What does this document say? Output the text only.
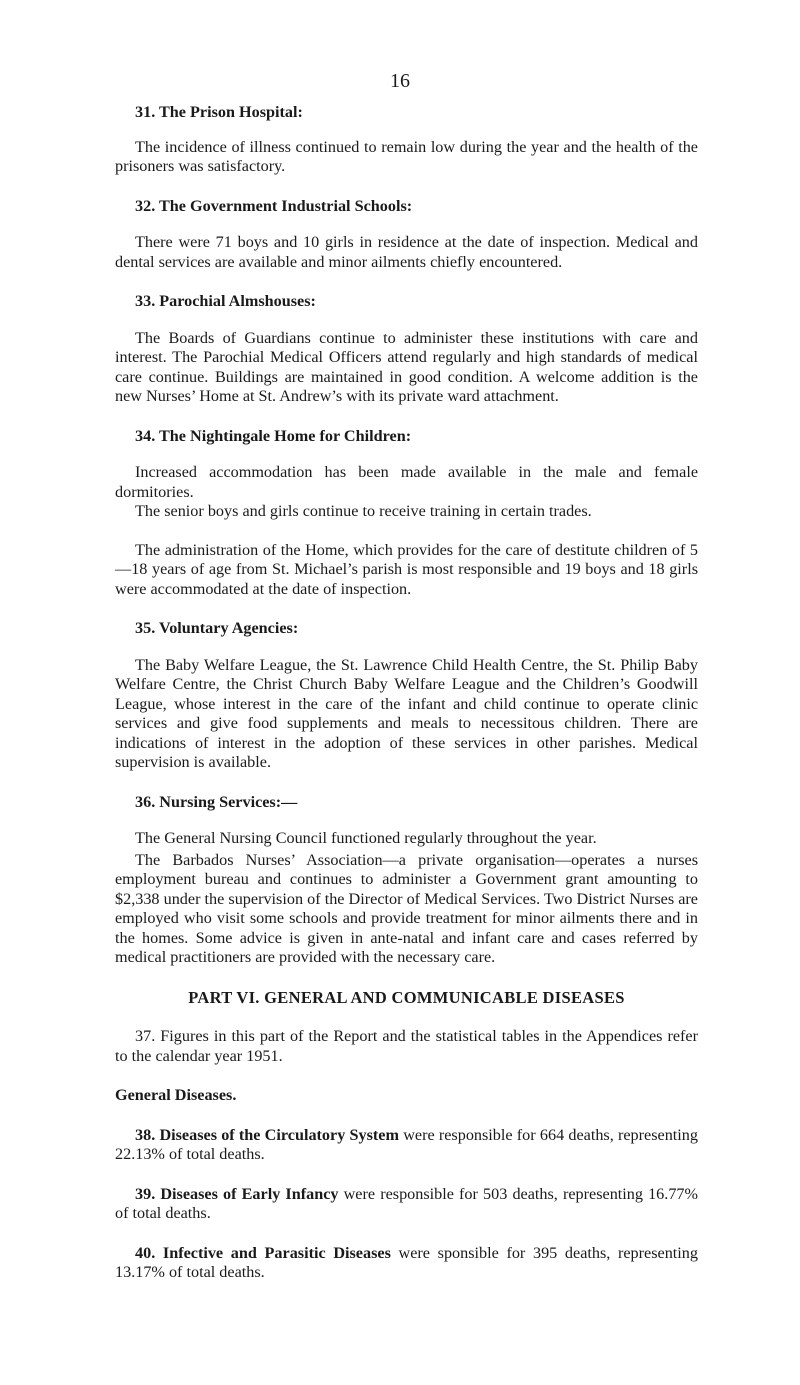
16

31. The Prison Hospital:

The incidence of illness continued to remain low during the year and the health of the prisoners was satisfactory.

32. The Government Industrial Schools:

There were 71 boys and 10 girls in residence at the date of inspection. Medical and dental services are available and minor ailments chiefly encountered.

33. Parochial Almshouses:

The Boards of Guardians continue to administer these institutions with care and interest. The Parochial Medical Officers attend regularly and high standards of medical care continue. Buildings are maintained in good condition. A welcome addition is the new Nurses’ Home at St. Andrew’s with its private ward attachment.

34. The Nightingale Home for Children:

Increased accommodation has been made available in the male and female dormitories.

The senior boys and girls continue to receive training in certain trades.

The administration of the Home, which provides for the care of destitute children of 5—18 years of age from St. Michael’s parish is most responsible and 19 boys and 18 girls were accommodated at the date of inspection.

35. Voluntary Agencies:

The Baby Welfare League, the St. Lawrence Child Health Centre, the St. Philip Baby Welfare Centre, the Christ Church Baby Welfare League and the Children’s Goodwill League, whose interest in the care of the infant and child continue to operate clinic services and give food supplements and meals to necessitous children. There are indications of interest in the adoption of these services in other parishes. Medical supervision is available.

36. Nursing Services:—

The General Nursing Council functioned regularly throughout the year.

The Barbados Nurses’ Association—a private organisation—operates a nurses employment bureau and continues to administer a Government grant amounting to $2,338 under the supervision of the Director of Medical Services. Two District Nurses are employed who visit some schools and provide treatment for minor ailments there and in the homes. Some advice is given in ante-natal and infant care and cases referred by medical practitioners are provided with the necessary care.

PART VI. GENERAL AND COMMUNICABLE DISEASES

37. Figures in this part of the Report and the statistical tables in the Appendices refer to the calendar year 1951.

General Diseases.

38. Diseases of the Circulatory System were responsible for 664 deaths, representing 22.13% of total deaths.

39. Diseases of Early Infancy were responsible for 503 deaths, representing 16.77% of total deaths.

40. Infective and Parasitic Diseases were sponsible for 395 deaths, representing 13.17% of total deaths.
